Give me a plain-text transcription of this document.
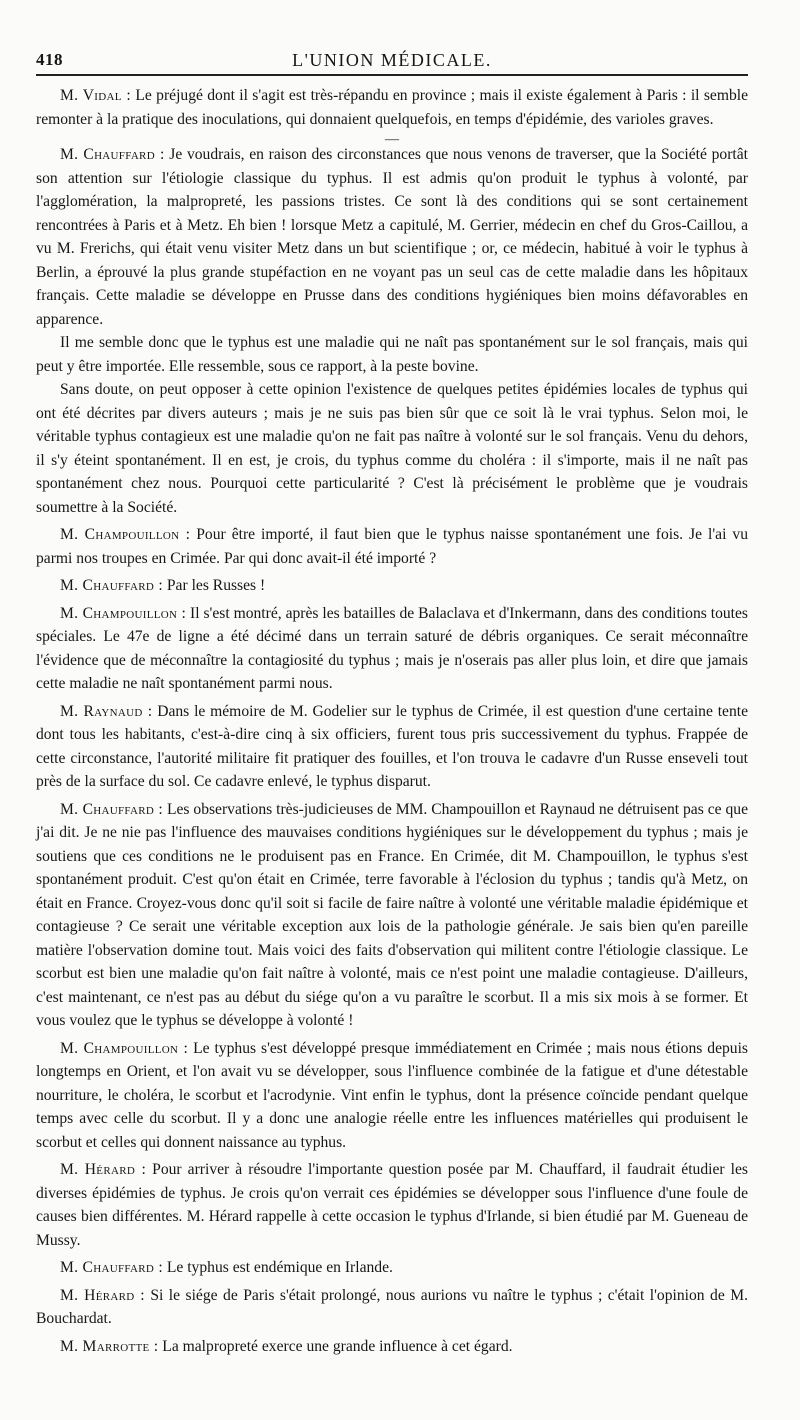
418	L'UNION MÉDICALE.

M. Vidal : Le préjugé dont il s'agit est très-répandu en province ; mais il existe également à Paris : il semble remonter à la pratique des inoculations, qui donnaient quelquefois, en temps d'épidémie, des varioles graves.

—

M. Chauffard : Je voudrais, en raison des circonstances que nous venons de traverser, que la Société portât son attention sur l'étiologie classique du typhus. Il est admis qu'on produit le typhus à volonté, par l'agglomération, la malpropreté, les passions tristes. Ce sont là des conditions qui se sont certainement rencontrées à Paris et à Metz. Eh bien ! lorsque Metz a capitulé, M. Gerrier, médecin en chef du Gros-Caillou, a vu M. Frerichs, qui était venu visiter Metz dans un but scientifique ; or, ce médecin, habitué à voir le typhus à Berlin, a éprouvé la plus grande stupéfaction en ne voyant pas un seul cas de cette maladie dans les hôpitaux français. Cette maladie se développe en Prusse dans des conditions hygiéniques bien moins défavorables en apparence.

Il me semble donc que le typhus est une maladie qui ne naît pas spontanément sur le sol français, mais qui peut y être importée. Elle ressemble, sous ce rapport, à la peste bovine.

Sans doute, on peut opposer à cette opinion l'existence de quelques petites épidémies locales de typhus qui ont été décrites par divers auteurs ; mais je ne suis pas bien sûr que ce soit là le vrai typhus. Selon moi, le véritable typhus contagieux est une maladie qu'on ne fait pas naître à volonté sur le sol français. Venu du dehors, il s'y éteint spontanément. Il en est, je crois, du typhus comme du choléra : il s'importe, mais il ne naît pas spontanément chez nous. Pourquoi cette particularité ? C'est là précisément le problème que je voudrais soumettre à la Société.

M. Champouillon : Pour être importé, il faut bien que le typhus naisse spontanément une fois. Je l'ai vu parmi nos troupes en Crimée. Par qui donc avait-il été importé ?

M. Chauffard : Par les Russes !

M. Champouillon : Il s'est montré, après les batailles de Balaclava et d'Inkermann, dans des conditions toutes spéciales. Le 47e de ligne a été décimé dans un terrain saturé de débris organiques. Ce serait méconnaître l'évidence que de méconnaître la contagiosité du typhus ; mais je n'oserais pas aller plus loin, et dire que jamais cette maladie ne naît spontanément parmi nous.

M. Raynaud : Dans le mémoire de M. Godelier sur le typhus de Crimée, il est question d'une certaine tente dont tous les habitants, c'est-à-dire cinq à six officiers, furent tous pris successivement du typhus. Frappée de cette circonstance, l'autorité militaire fit pratiquer des fouilles, et l'on trouva le cadavre d'un Russe enseveli tout près de la surface du sol. Ce cadavre enlevé, le typhus disparut.

M. Chauffard : Les observations très-judicieuses de MM. Champouillon et Raynaud ne détruisent pas ce que j'ai dit. Je ne nie pas l'influence des mauvaises conditions hygiéniques sur le développement du typhus ; mais je soutiens que ces conditions ne le produisent pas en France. En Crimée, dit M. Champouillon, le typhus s'est spontanément produit. C'est qu'on était en Crimée, terre favorable à l'éclosion du typhus ; tandis qu'à Metz, on était en France. Croyez-vous donc qu'il soit si facile de faire naître à volonté une véritable maladie épidémique et contagieuse ? Ce serait une véritable exception aux lois de la pathologie générale. Je sais bien qu'en pareille matière l'observation domine tout. Mais voici des faits d'observation qui militent contre l'étiologie classique. Le scorbut est bien une maladie qu'on fait naître à volonté, mais ce n'est point une maladie contagieuse. D'ailleurs, c'est maintenant, ce n'est pas au début du siége qu'on a vu paraître le scorbut. Il a mis six mois à se former. Et vous voulez que le typhus se développe à volonté !

M. Champouillon : Le typhus s'est développé presque immédiatement en Crimée ; mais nous étions depuis longtemps en Orient, et l'on avait vu se développer, sous l'influence combinée de la fatigue et d'une détestable nourriture, le choléra, le scorbut et l'acrodynie. Vint enfin le typhus, dont la présence coïncide pendant quelque temps avec celle du scorbut. Il y a donc une analogie réelle entre les influences matérielles qui produisent le scorbut et celles qui donnent naissance au typhus.

M. Hérard : Pour arriver à résoudre l'importante question posée par M. Chauffard, il faudrait étudier les diverses épidémies de typhus. Je crois qu'on verrait ces épidémies se développer sous l'influence d'une foule de causes bien différentes. M. Hérard rappelle à cette occasion le typhus d'Irlande, si bien étudié par M. Gueneau de Mussy.

M. Chauffard : Le typhus est endémique en Irlande.

M. Hérard : Si le siége de Paris s'était prolongé, nous aurions vu naître le typhus ; c'était l'opinion de M. Bouchardat.

M. Marrotte : La malpropreté exerce une grande influence à cet égard.
